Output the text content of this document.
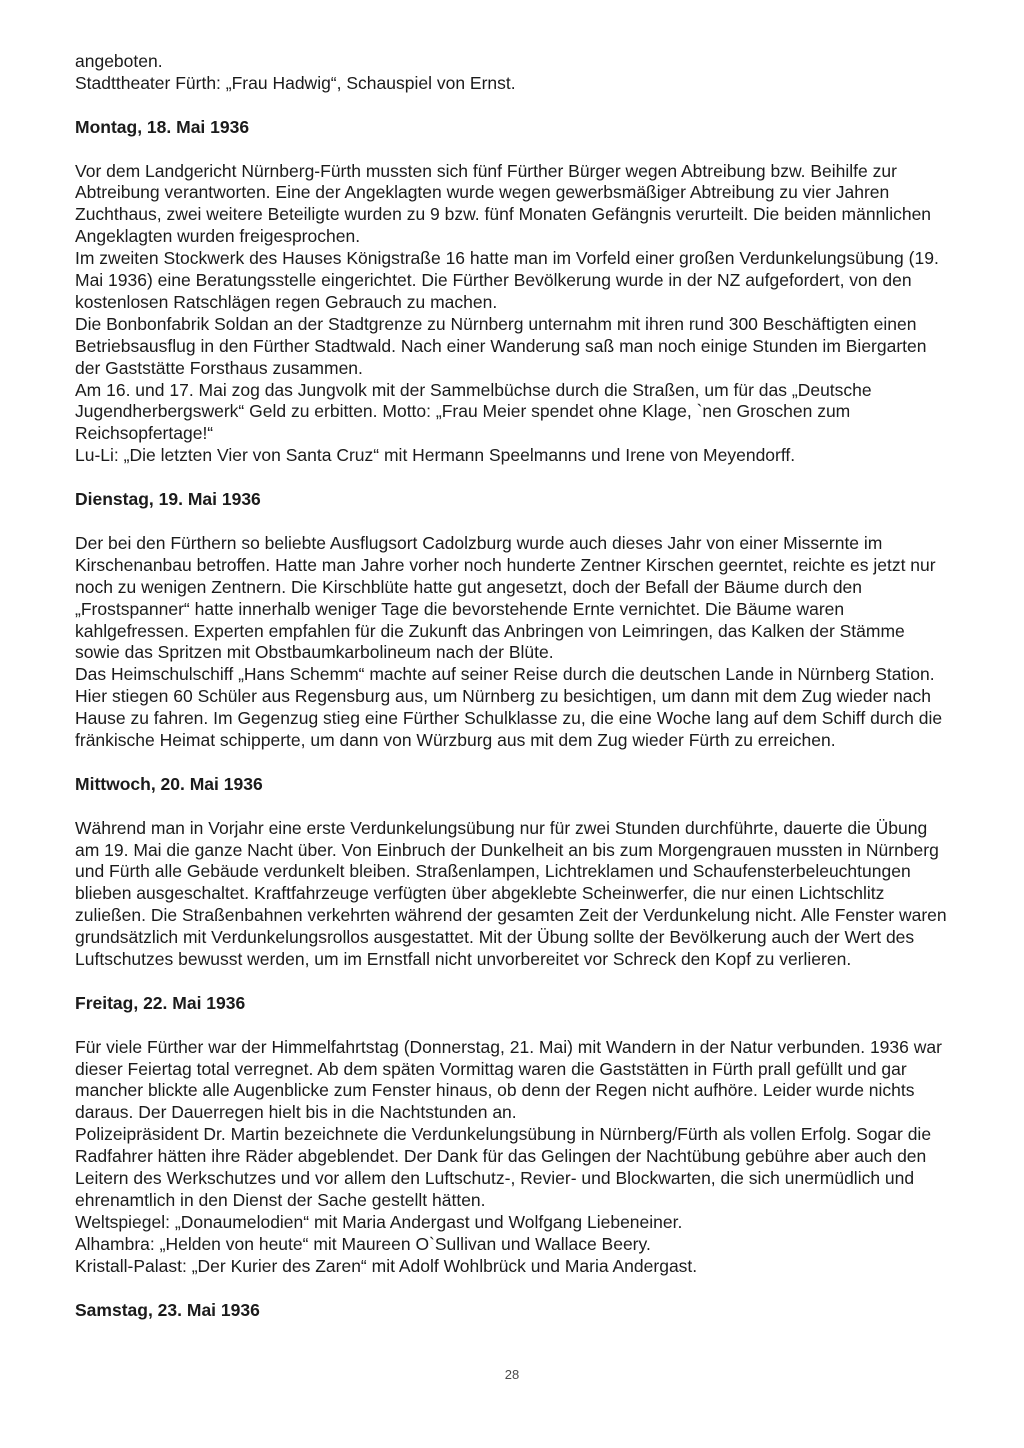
angeboten.

Stadttheater Fürth: „Frau Hadwig“, Schauspiel von Ernst.

Montag, 18. Mai 1936

Vor dem Landgericht Nürnberg-Fürth mussten sich fünf Fürther Bürger wegen Abtreibung bzw. Beihilfe zur Abtreibung verantworten. Eine der Angeklagten wurde wegen gewerbsmäßiger Abtreibung zu vier Jahren Zuchthaus, zwei weitere Beteiligte wurden zu 9 bzw. fünf Monaten Gefängnis verurteilt. Die beiden männlichen Angeklagten wurden freigesprochen.

Im zweiten Stockwerk des Hauses Königstraße 16 hatte man im Vorfeld einer großen Verdunkelungsübung (19. Mai 1936) eine Beratungsstelle eingerichtet. Die Fürther Bevölkerung wurde in der NZ aufgefordert, von den kostenlosen Ratschlägen regen Gebrauch zu machen.

Die Bonbonfabrik Soldan an der Stadtgrenze zu Nürnberg unternahm mit ihren rund 300 Beschäftigten einen Betriebsausflug in den Fürther Stadtwald. Nach einer Wanderung saß man noch einige Stunden im Biergarten der Gaststätte Forsthaus zusammen.

Am 16. und 17. Mai zog das Jungvolk mit der Sammelbüchse durch die Straßen, um für das „Deutsche Jugendherbergswerk“ Geld zu erbitten. Motto: „Frau Meier spendet ohne Klage, `nen Groschen zum Reichsopfertage!“

Lu-Li: „Die letzten Vier von Santa Cruz“ mit Hermann Speelmanns und Irene von Meyendorff.

Dienstag, 19. Mai 1936

Der bei den Fürthern so beliebte Ausflugsort Cadolzburg wurde auch dieses Jahr von einer Missernte im Kirschenanbau betroffen. Hatte man Jahre vorher noch hunderte Zentner Kirschen geerntet, reichte es jetzt nur noch zu wenigen Zentnern. Die Kirschblüte hatte gut angesetzt, doch der Befall der Bäume durch den „Frostspanner“ hatte innerhalb weniger Tage die bevorstehende Ernte vernichtet. Die Bäume waren kahlgefressen. Experten empfahlen für die Zukunft das Anbringen von Leimringen, das Kalken der Stämme sowie das Spritzen mit Obstbaumkarbolineum nach der Blüte.

Das Heimschulschiff „Hans Schemm“ machte auf seiner Reise durch die deutschen Lande in Nürnberg Station. Hier stiegen 60 Schüler aus Regensburg aus, um Nürnberg zu besichtigen, um dann mit dem Zug wieder nach Hause zu fahren. Im Gegenzug stieg eine Fürther Schulklasse zu, die eine Woche lang auf dem Schiff durch die fränkische Heimat schipperte, um dann von Würzburg aus mit dem Zug wieder Fürth zu erreichen.

Mittwoch, 20. Mai 1936

Während man in Vorjahr eine erste Verdunkelungsübung nur für zwei Stunden durchführte, dauerte die Übung am 19. Mai die ganze Nacht über. Von Einbruch der Dunkelheit an bis zum Morgengrauen mussten in Nürnberg und Fürth alle Gebäude verdunkelt bleiben. Straßenlampen, Lichtreklamen und Schaufensterbeleuchtungen blieben ausgeschaltet. Kraftfahrzeuge verfügten über abgeklebte Scheinwerfer, die nur einen Lichtschlitz zuließen. Die Straßenbahnen verkehrten während der gesamten Zeit der Verdunkelung nicht. Alle Fenster waren grundsätzlich mit Verdunkelungsrollos ausgestattet. Mit der Übung sollte der Bevölkerung auch der Wert des Luftschutzes bewusst werden, um im Ernstfall nicht unvorbereitet vor Schreck den Kopf zu verlieren.

Freitag, 22. Mai 1936

Für viele Fürther war der Himmelfahrtstag (Donnerstag, 21. Mai) mit Wandern in der Natur verbunden. 1936 war dieser Feiertag total verregnet. Ab dem späten Vormittag waren die Gaststätten in Fürth prall gefüllt und gar mancher blickte alle Augenblicke zum Fenster hinaus, ob denn der Regen nicht aufhöre. Leider wurde nichts daraus. Der Dauerregen hielt bis in die Nachtstunden an.

Polizeipräsident Dr. Martin bezeichnete die Verdunkelungsübung in Nürnberg/Fürth als vollen Erfolg. Sogar die Radfahrer hätten ihre Räder abgeblendet. Der Dank für das Gelingen der Nachtübung gebühre aber auch den Leitern des Werkschutzes und vor allem den Luftschutz-, Revier- und Blockwarten, die sich unermüdlich und ehrenamtlich in den Dienst der Sache gestellt hätten.

Weltspiegel: „Donaumelodien“ mit Maria Andergast und Wolfgang Liebeneiner.

Alhambra: „Helden von heute“ mit Maureen O`Sullivan und Wallace Beery.

Kristall-Palast: „Der Kurier des Zaren“ mit Adolf Wohlbrück und Maria Andergast.

Samstag, 23. Mai 1936

28
